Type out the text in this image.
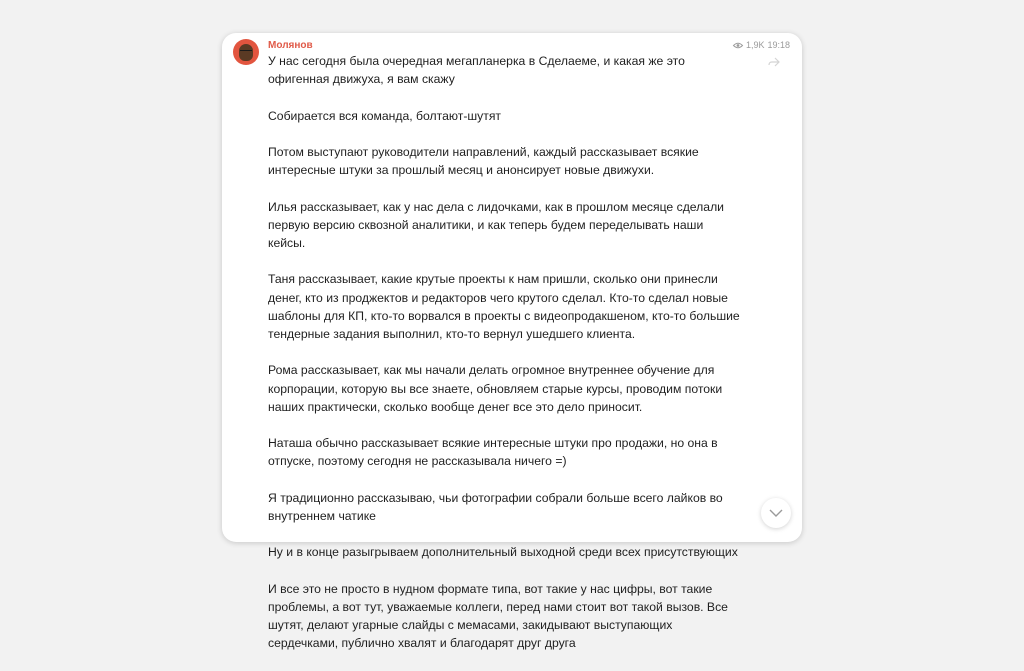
Молянов	1,9K 19:18

У нас сегодня была очередная мегапланерка в Сделаеме, и какая же это
офигенная движуха, я вам скажу

Собирается вся команда, болтают-шутят

Потом выступают руководители направлений, каждый рассказывает всякие
интересные штуки за прошлый месяц и анонсирует новые движухи.

Илья рассказывает, как у нас дела с лидочками, как в прошлом месяце сделали
первую версию сквозной аналитики, и как теперь будем переделывать наши
кейсы.

Таня рассказывает, какие крутые проекты к нам пришли, сколько они принесли
денег, кто из проджектов и редакторов чего крутого сделал. Кто-то сделал новые
шаблоны для КП, кто-то ворвался в проекты с видеопродакшеном, кто-то большие
тендерные задания выполнил, кто-то вернул ушедшего клиента.

Рома рассказывает, как мы начали делать огромное внутреннее обучение для
корпорации, которую вы все знаете, обновляем старые курсы, проводим потоки
наших практически, сколько вообще денег все это дело приносит.

Наташа обычно рассказывает всякие интересные штуки про продажи, но она в
отпуске, поэтому сегодня не рассказывала ничего =)

Я традиционно рассказываю, чьи фотографии собрали больше всего лайков во
внутреннем чатике

Ну и в конце разыгрываем дополнительный выходной среди всех присутствующих

И все это не просто в нудном формате типа, вот такие у нас цифры, вот такие
проблемы, а вот тут, уважаемые коллеги, перед нами стоит вот такой вызов. Все
шутят, делают угарные слайды с мемасами, закидывают выступающих
сердечками, публично хвалят и благодарят друг друга
